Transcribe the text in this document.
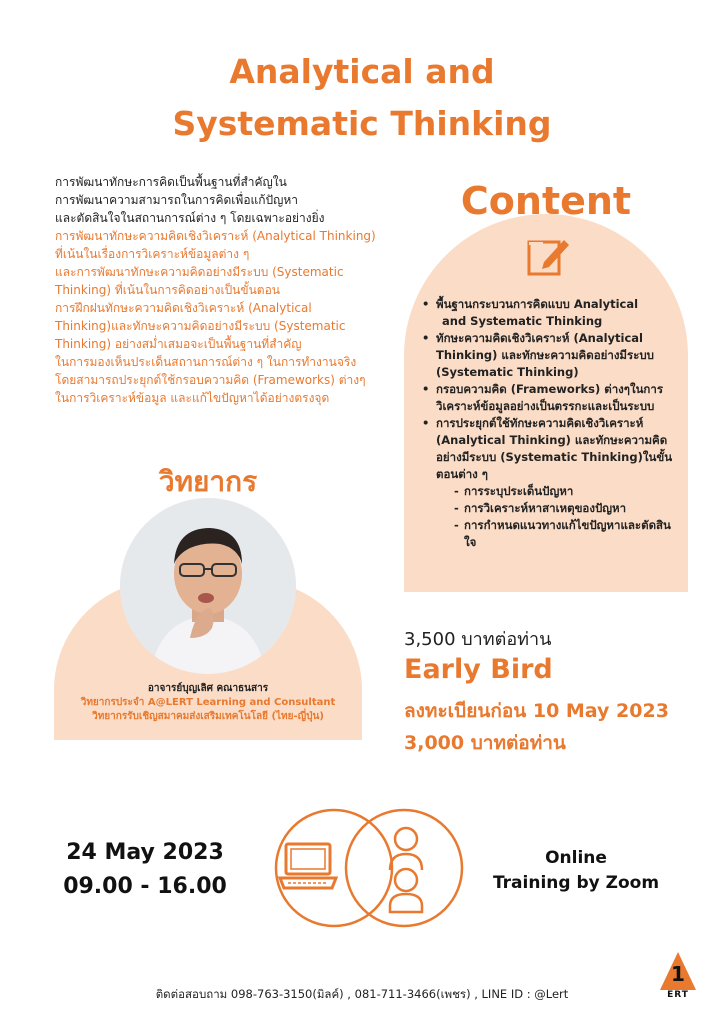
Analytical and
Systematic Thinking
การพัฒนาทักษะการคิดเป็นพื้นฐานที่สำคัญใน
การพัฒนาความสามารถในการคิดเพื่อแก้ปัญหา
และตัดสินใจในสถานการณ์ต่าง ๆ โดยเฉพาะอย่างยิ่ง
การพัฒนาทักษะความคิดเชิงวิเคราะห์ (Analytical Thinking)
ที่เน้นในเรื่องการวิเคราะห์ข้อมูลต่าง ๆ
และการพัฒนาทักษะความคิดอย่างมีระบบ (Systematic
Thinking) ที่เน้นในการคิดอย่างเป็นขั้นตอน
การฝึกฝนทักษะความคิดเชิงวิเคราะห์ (Analytical
Thinking)และทักษะความคิดอย่างมีระบบ (Systematic
Thinking) อย่างสม่ำเสมอจะเป็นพื้นฐานที่สำคัญ
ในการมองเห็นประเด็นสถานการณ์ต่าง ๆ ในการทำงานจริง
โดยสามารถประยุกต์ใช้กรอบความคิด (Frameworks) ต่างๆ
ในการวิเคราะห์ข้อมูล และแก้ไขปัญหาได้อย่างตรงจุด
Content
• พื้นฐานกระบวนการคิดแบบ Analytical
and Systematic Thinking
• ทักษะความคิดเชิงวิเคราะห์ (Analytical Thinking) และทักษะความคิดอย่างมีระบบ (Systematic Thinking)
• กรอบความคิด (Frameworks) ต่างๆในการวิเคราะห์ข้อมูลอย่างเป็นตรรกะและเป็นระบบ
• การประยุกต์ใช้ทักษะความคิดเชิงวิเคราะห์ (Analytical Thinking) และทักษะความคิดอย่างมีระบบ (Systematic Thinking)ในขั้นตอนต่าง ๆ
- การระบุประเด็นปัญหา
- การวิเคราะห์หาสาเหตุของปัญหา
- การกำหนดแนวทางแก้ไขปัญหาและตัดสินใจ
วิทยากร
อาจารย์บุญเลิศ คณาธนสาร
วิทยากรประจำ A@LERT Learning and Consultant
วิทยากรรับเชิญสมาคมส่งเสริมเทคโนโลยี (ไทย-ญี่ปุ่น)
3,500 บาทต่อท่าน
Early Bird
ลงทะเบียนก่อน 10 May 2023
3,000 บาทต่อท่าน
24 May 2023
09.00 - 16.00
Online
Training by Zoom
ติดต่อสอบถาม 098-763-3150(มิลค์) , 081-711-3466(เพชร) , LINE ID : @Lert
1
ERT
